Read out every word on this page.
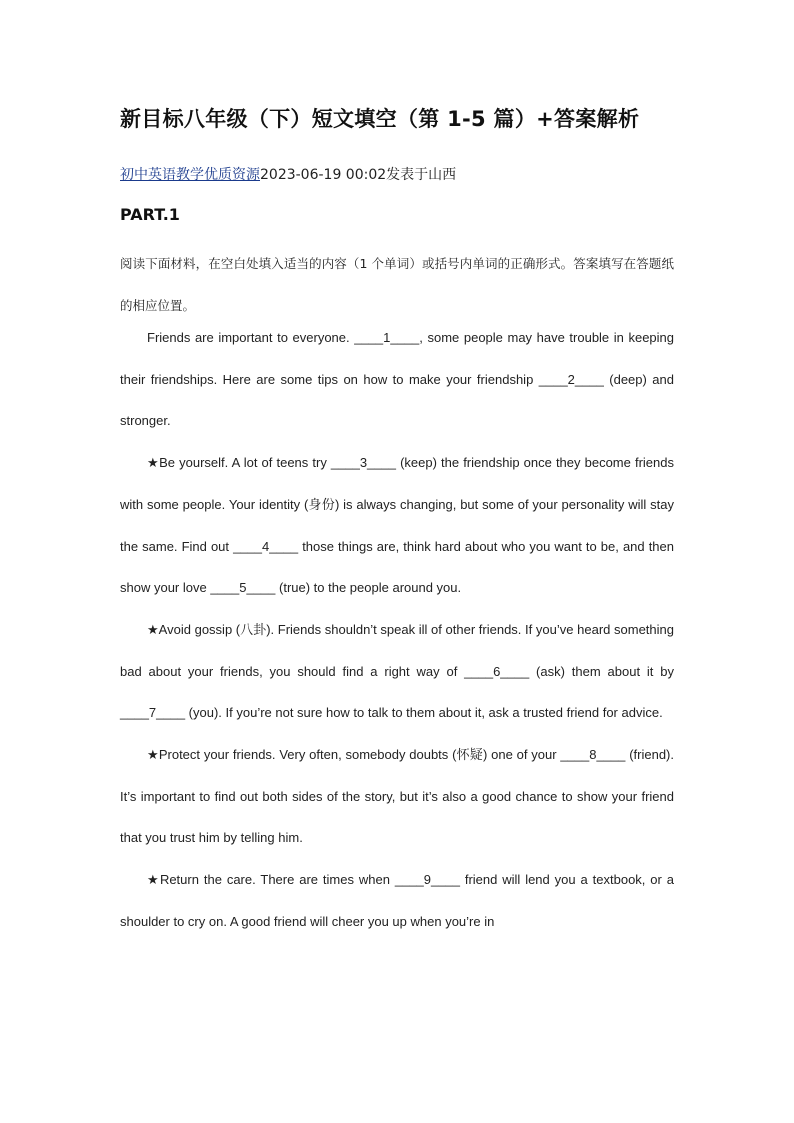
新目标八年级（下）短文填空（第 1-5 篇）+答案解析
初中英语教学优质资源2023-06-19 00:02发表于山西
PART.1
阅读下面材料，在空白处填入适当的内容（1 个单词）或括号内单词的正确形式。答案填写在答题纸的相应位置。

Friends are important to everyone. ____1____, some people may have trouble in keeping their friendships. Here are some tips on how to make your friendship ____2____ (deep) and stronger.

★Be yourself. A lot of teens try ____3____ (keep) the friendship once they become friends with some people. Your identity (身份) is always changing, but some of your personality will stay the same. Find out ____4____ those things are, think hard about who you want to be, and then show your love ____5____ (true) to the people around you.

★Avoid gossip (八卦). Friends shouldn’t speak ill of other friends. If you’ve heard something bad about your friends, you should find a right way of ____6____ (ask) them about it by ____7____ (you). If you’re not sure how to talk to them about it, ask a trusted friend for advice.

★Protect your friends. Very often, somebody doubts (怀疑) one of your ____8____ (friend). It’s important to find out both sides of the story, but it’s also a good chance to show your friend that you trust him by telling him.

★Return the care. There are times when ____9____ friend will lend you a textbook, or a shoulder to cry on. A good friend will cheer you up when you’re in
